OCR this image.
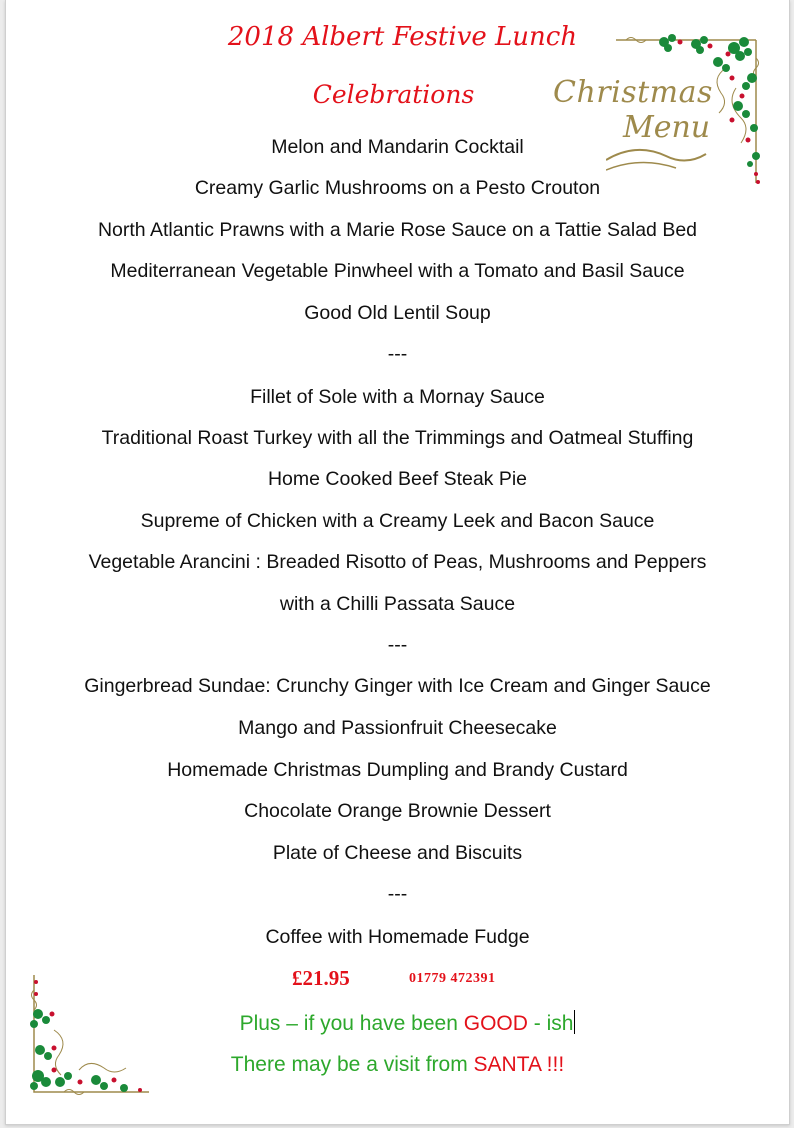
Christmas
Menu
2018 Albert Festive Lunch
Celebrations
Melon and Mandarin Cocktail
Creamy Garlic Mushrooms on a Pesto Crouton
North Atlantic Prawns with a Marie Rose Sauce on a Tattie Salad Bed
Mediterranean Vegetable Pinwheel with a Tomato and Basil Sauce
Good Old Lentil Soup
---
Fillet of Sole with a Mornay Sauce
Traditional Roast Turkey with all the Trimmings and Oatmeal Stuffing
Home Cooked Beef Steak Pie
Supreme of Chicken with a Creamy Leek and Bacon Sauce
Vegetable Arancini : Breaded Risotto of Peas, Mushrooms and Peppers
with a Chilli Passata Sauce
---
Gingerbread Sundae: Crunchy Ginger with Ice Cream and Ginger Sauce
Mango and Passionfruit Cheesecake
Homemade Christmas Dumpling and Brandy Custard
Chocolate Orange Brownie Dessert
Plate of Cheese and Biscuits
---
Coffee with Homemade Fudge
£21.95	01779 472391
Plus – if you have been GOOD - ish
There may be a visit from SANTA !!!
